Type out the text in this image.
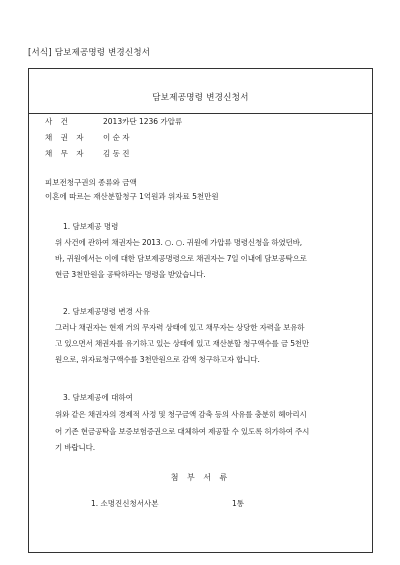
[서식] 담보제공명령 변경신청서
담보제공명령 변경신청서
사 건	2013카단 1236 가압류
채 권 자 이 순 자
채 무 자 김 동 진
피보전청구권의 종류와 금액
이혼에 따르는 재산분할청구 1억원과 위자료 5천만원
1. 담보제공 명령
위 사건에 관하여 채권자는 2013. ○. ○. 귀원에 가압류 명령신청을 하였던바,
바, 귀원에서는 이에 대한 담보제공명령으로 채권자는 7일 이내에 담보공탁으로
현금 3천만원을 공탁하라는 명령을 받았습니다.
2. 담보제공명령 변경 사유
그러나 채권자는 현재 거의 무자력 상태에 있고 채무자는 상당한 자력을 보유하
고 있으면서 채권자를 유기하고 있는 상태에 있고 재산분할 청구액수를 금 5천만
원으로, 위자료청구액수를 3천만원으로 감액 청구하고자 합니다.
3. 담보제공에 대하여
위와 같은 채권자의 경제적 사정 및 청구금액 감축 등의 사유를 충분히 헤아리시
어 기존 현금공탁을 보증보험증권으로 대체하여 제공할 수 있도록 허가하여 주시
기 바랍니다.
첨 부 서 류
1. 소명진신청서사본	1통
